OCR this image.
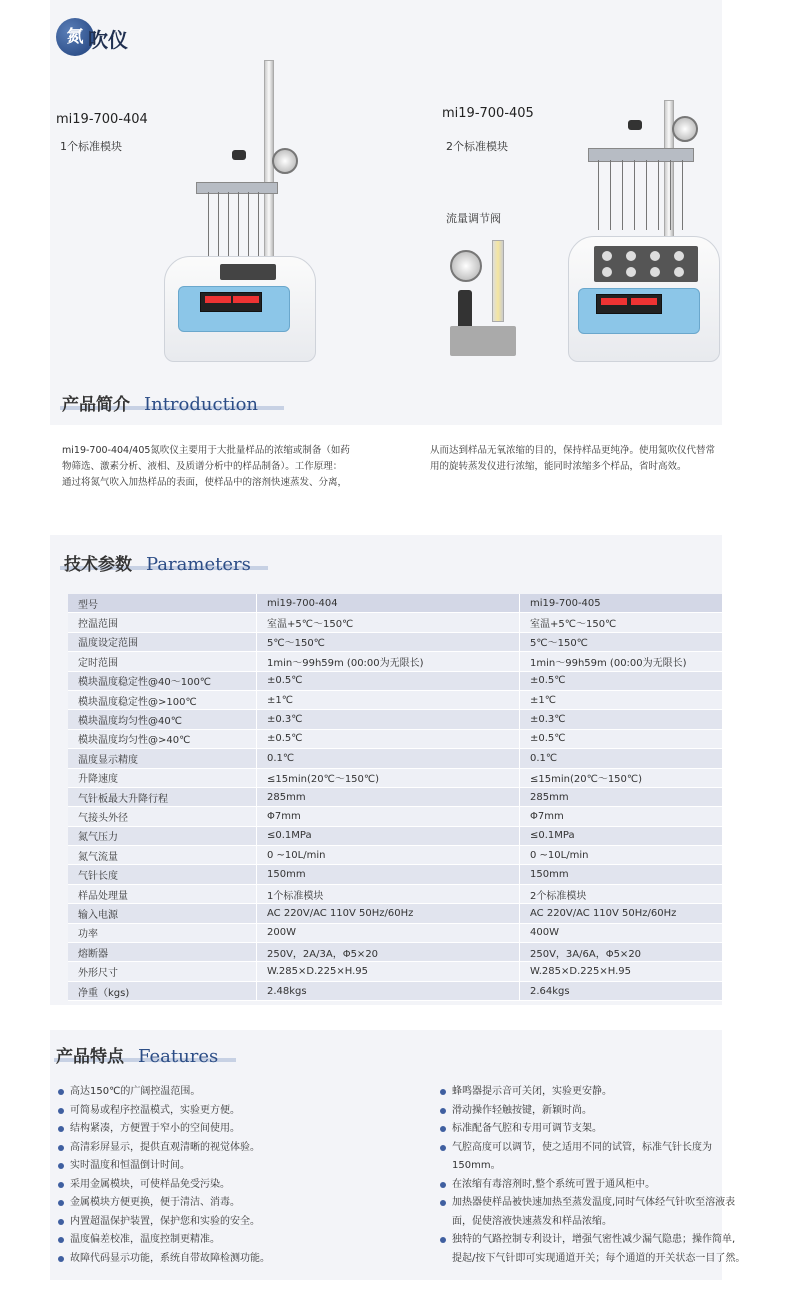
氮 吹仪
mi19-700-404
1个标准模块
mi19-700-405
2个标准模块
流量调节阀
产品简介 Introduction
mi19-700-404/405氮吹仪主要用于大批量样品的浓缩或制备（如药
物筛选、激素分析、液相、及质谱分析中的样品制备）。工作原理：
通过将氮气吹入加热样品的表面，使样品中的溶剂快速蒸发、分离，
从而达到样品无氧浓缩的目的，保持样品更纯净。使用氮吹仪代替常
用的旋转蒸发仪进行浓缩，能同时浓缩多个样品，省时高效。
技术参数 Parameters
型号	mi19-700-404	mi19-700-405
控温范围	室温+5℃～150℃	室温+5℃～150℃
温度设定范围	5℃～150℃	5℃～150℃
定时范围	1min～99h59m (00:00为无限长)	1min～99h59m (00:00为无限长)
模块温度稳定性@40～100℃	±0.5℃	±0.5℃
模块温度稳定性@>100℃	±1℃	±1℃
模块温度均匀性@40℃	±0.3℃	±0.3℃
模块温度均匀性@>40℃	±0.5℃	±0.5℃
温度显示精度	0.1℃	0.1℃
升降速度	≤15min(20℃～150℃)	≤15min(20℃～150℃)
气针板最大升降行程	285mm	285mm
气接头外径	Φ7mm	Φ7mm
氮气压力	≤0.1MPa	≤0.1MPa
氮气流量	0 ~10L/min	0 ~10L/min
气针长度	150mm	150mm
样品处理量	1个标准模块	2个标准模块
输入电源	AC 220V/AC 110V 50Hz/60Hz	AC 220V/AC 110V 50Hz/60Hz
功率	200W	400W
熔断器	250V，2A/3A，Φ5×20	250V，3A/6A，Φ5×20
外形尺寸	W.285×D.225×H.95	W.285×D.225×H.95
净重（kgs)	2.48kgs	2.64kgs
产品特点 Features
高达150℃的广阔控温范围。
可简易或程序控温模式，实验更方便。
结构紧凑，方便置于窄小的空间使用。
高清彩屏显示，提供直观清晰的视觉体验。
实时温度和恒温倒计时间。
采用金属模块，可使样品免受污染。
金属模块方便更换，便于清洁、消毒。
内置超温保护装置，保护您和实验的安全。
温度偏差校准，温度控制更精准。
故障代码显示功能，系统自带故障检测功能。
蜂鸣器提示音可关闭，实验更安静。
滑动操作轻触按键，新颖时尚。
标准配备气腔和专用可调节支架。
气腔高度可以调节，使之适用不同的试管，标准气针长度为
150mm。
在浓缩有毒溶剂时,整个系统可置于通风柜中。
加热器使样品被快速加热至蒸发温度,同时气体经气针吹至溶液表
面，促使溶液快速蒸发和样品浓缩。
独特的气路控制专利设计，增强气密性减少漏气隐患；操作简单,
提起/按下气针即可实现通道开关；每个通道的开关状态一目了然。
